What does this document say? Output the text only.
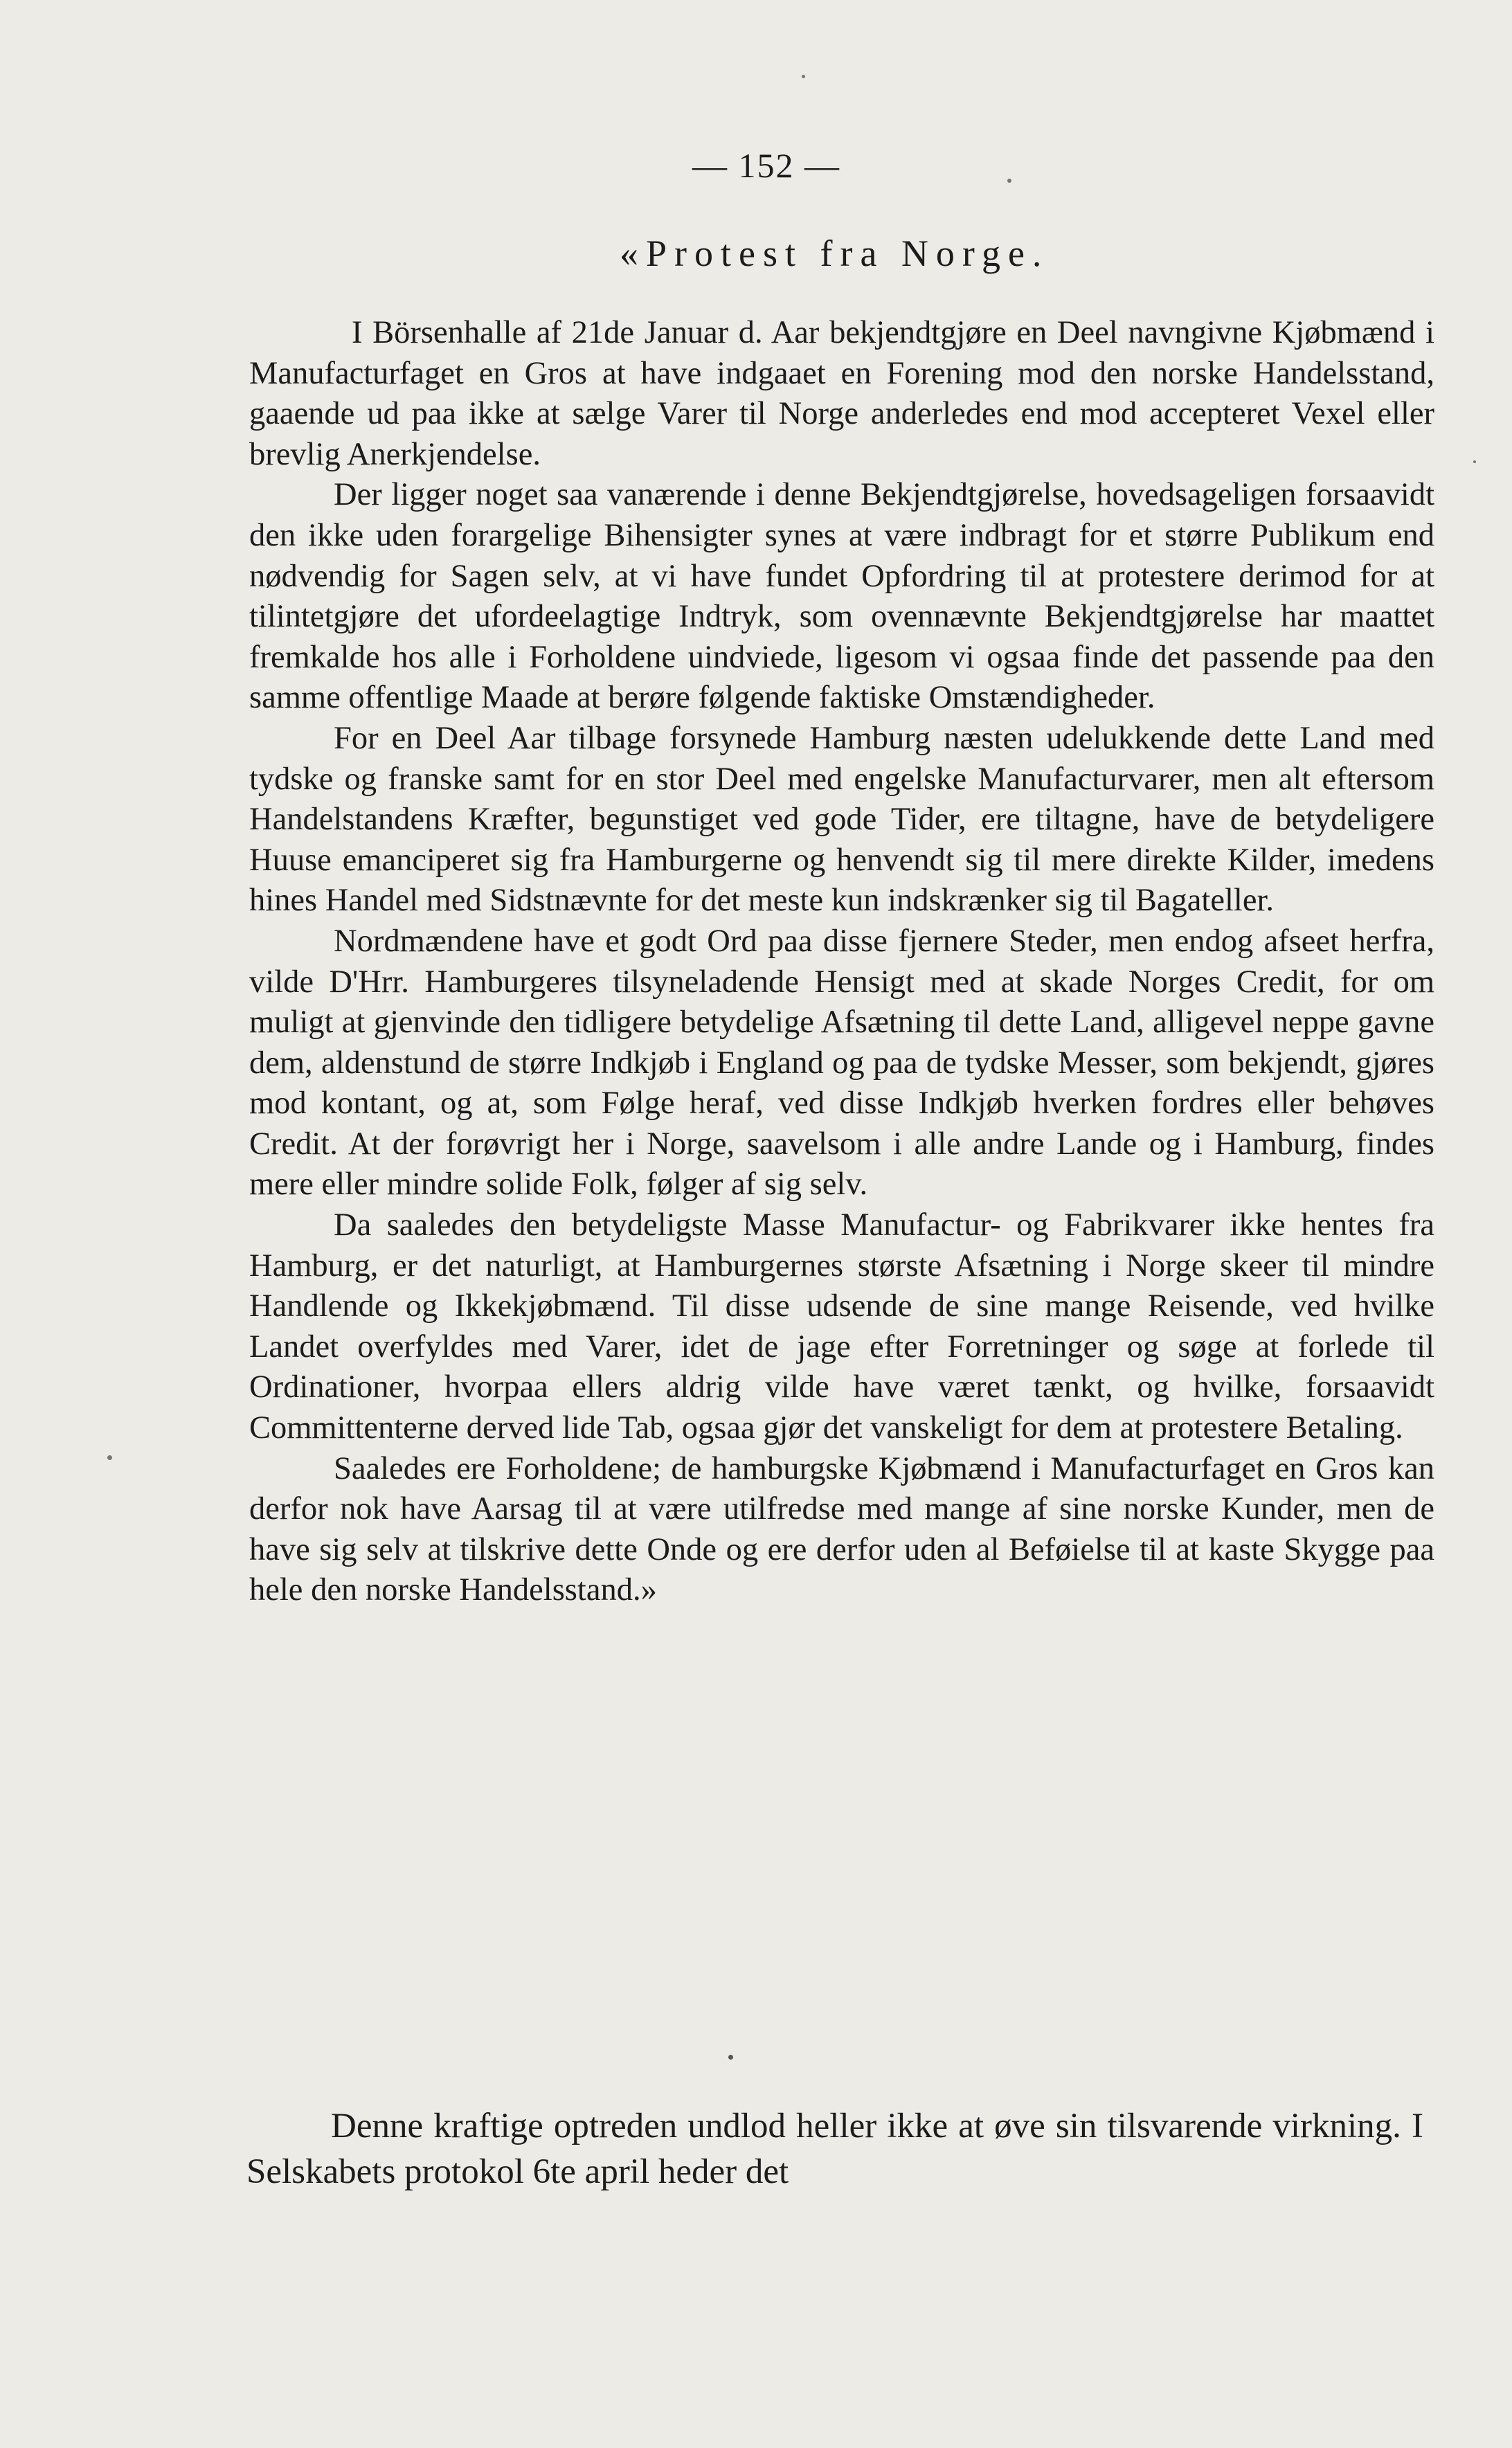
— 152 —
«Protest fra Norge.

I Börsenhalle af 21de Januar d. Aar bekjendtgjøre en Deel navngivne Kjøbmænd i Manufacturfaget en Gros at have indgaaet en Forening mod den norske Handelsstand, gaaende ud paa ikke at sælge Varer til Norge anderledes end mod accepteret Vexel eller brevlig Anerkjendelse.

Der ligger noget saa vanærende i denne Bekjendtgjørelse, hovedsageligen forsaavidt den ikke uden forargelige Bihensigter synes at være indbragt for et større Publikum end nødvendig for Sagen selv, at vi have fundet Opfordring til at protestere derimod for at tilintetgjøre det ufordeelagtige Indtryk, som ovennævnte Bekjendtgjørelse har maattet fremkalde hos alle i Forholdene uindviede, ligesom vi ogsaa finde det passende paa den samme offentlige Maade at berøre følgende faktiske Omstændigheder.

For en Deel Aar tilbage forsynede Hamburg næsten udelukkende dette Land med tydske og franske samt for en stor Deel med engelske Manufacturvarer, men alt eftersom Handelstandens Kræfter, begunstiget ved gode Tider, ere tiltagne, have de betydeligere Huuse emanciperet sig fra Hamburgerne og henvendt sig til mere direkte Kilder, imedens hines Handel med Sidstnævnte for det meste kun indskrænker sig til Bagateller.

Nordmændene have et godt Ord paa disse fjernere Steder, men endog afseet herfra, vilde D'Hrr. Hamburgeres tilsyneladende Hensigt med at skade Norges Credit, for om muligt at gjenvinde den tidligere betydelige Afsætning til dette Land, alligevel neppe gavne dem, aldenstund de større Indkjøb i England og paa de tydske Messer, som bekjendt, gjøres mod kontant, og at, som Følge heraf, ved disse Indkjøb hverken fordres eller behøves Credit. At der forøvrigt her i Norge, saavelsom i alle andre Lande og i Hamburg, findes mere eller mindre solide Folk, følger af sig selv.

Da saaledes den betydeligste Masse Manufactur- og Fabrikvarer ikke hentes fra Hamburg, er det naturligt, at Hamburgernes største Afsætning i Norge skeer til mindre Handlende og Ikkekjøbmænd. Til disse udsende de sine mange Reisende, ved hvilke Landet overfyldes med Varer, idet de jage efter Forretninger og søge at forlede til Ordinationer, hvorpaa ellers aldrig vilde have været tænkt, og hvilke, forsaavidt Committenterne derved lide Tab, ogsaa gjør det vanskeligt for dem at protestere Betaling.

Saaledes ere Forholdene; de hamburgske Kjøbmænd i Manufacturfaget en Gros kan derfor nok have Aarsag til at være utilfredse med mange af sine norske Kunder, men de have sig selv at tilskrive dette Onde og ere derfor uden al Beføielse til at kaste Skygge paa hele den norske Handelsstand.»

Denne kraftige optreden undlod heller ikke at øve sin tilsvarende virkning. I Selskabets protokol 6te april heder det
